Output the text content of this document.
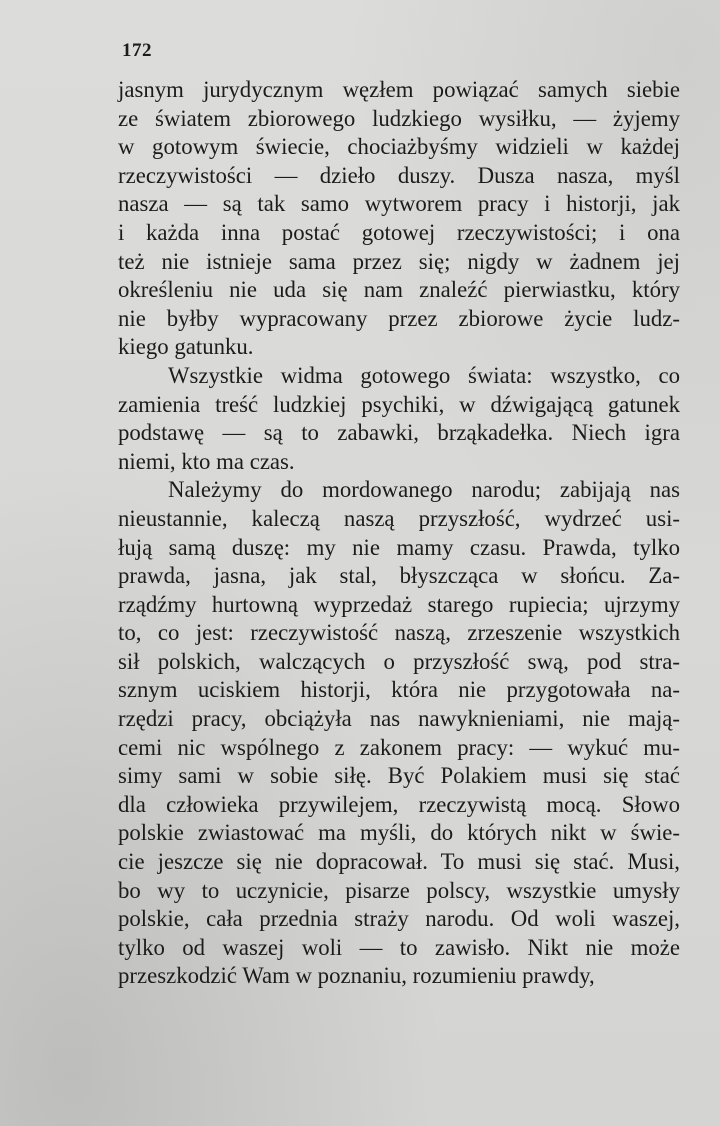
172

jasnym jurydycznym węzłem powiązać samych siebie
ze światem zbiorowego ludzkiego wysiłku, — żyjemy
w gotowym świecie, chociażbyśmy widzieli w każdej
rzeczywistości — dzieło duszy. Dusza nasza, myśl
nasza — są tak samo wytworem pracy i historji, jak
i każda inna postać gotowej rzeczywistości; i ona
też nie istnieje sama przez się; nigdy w żadnem jej
określeniu nie uda się nam znaleźć pierwiastku, który
nie byłby wypracowany przez zbiorowe życie ludz-
kiego gatunku.
Wszystkie widma gotowego świata: wszystko, co
zamienia treść ludzkiej psychiki, w dźwigającą gatunek
podstawę — są to zabawki, brząkadełka. Niech igra
niemi, kto ma czas.
Należymy do mordowanego narodu; zabijają nas
nieustannie, kaleczą naszą przyszłość, wydrzeć usi-
łują samą duszę: my nie mamy czasu. Prawda, tylko
prawda, jasna, jak stal, błyszcząca w słońcu. Za-
rządźmy hurtowną wyprzedaż starego rupiecia; ujrzymy
to, co jest: rzeczywistość naszą, zrzeszenie wszystkich
sił polskich, walczących o przyszłość swą, pod stra-
sznym uciskiem historji, która nie przygotowała na-
rzędzi pracy, obciążyła nas nawyknieniami, nie mają-
cemi nic wspólnego z zakonem pracy: — wykuć mu-
simy sami w sobie siłę. Być Polakiem musi się stać
dla człowieka przywilejem, rzeczywistą mocą. Słowo
polskie zwiastować ma myśli, do których nikt w świe-
cie jeszcze się nie dopracował. To musi się stać. Musi,
bo wy to uczynicie, pisarze polscy, wszystkie umysły
polskie, cała przednia straży narodu. Od woli waszej,
tylko od waszej woli — to zawisło. Nikt nie może
przeszkodzić Wam w poznaniu, rozumieniu prawdy,
